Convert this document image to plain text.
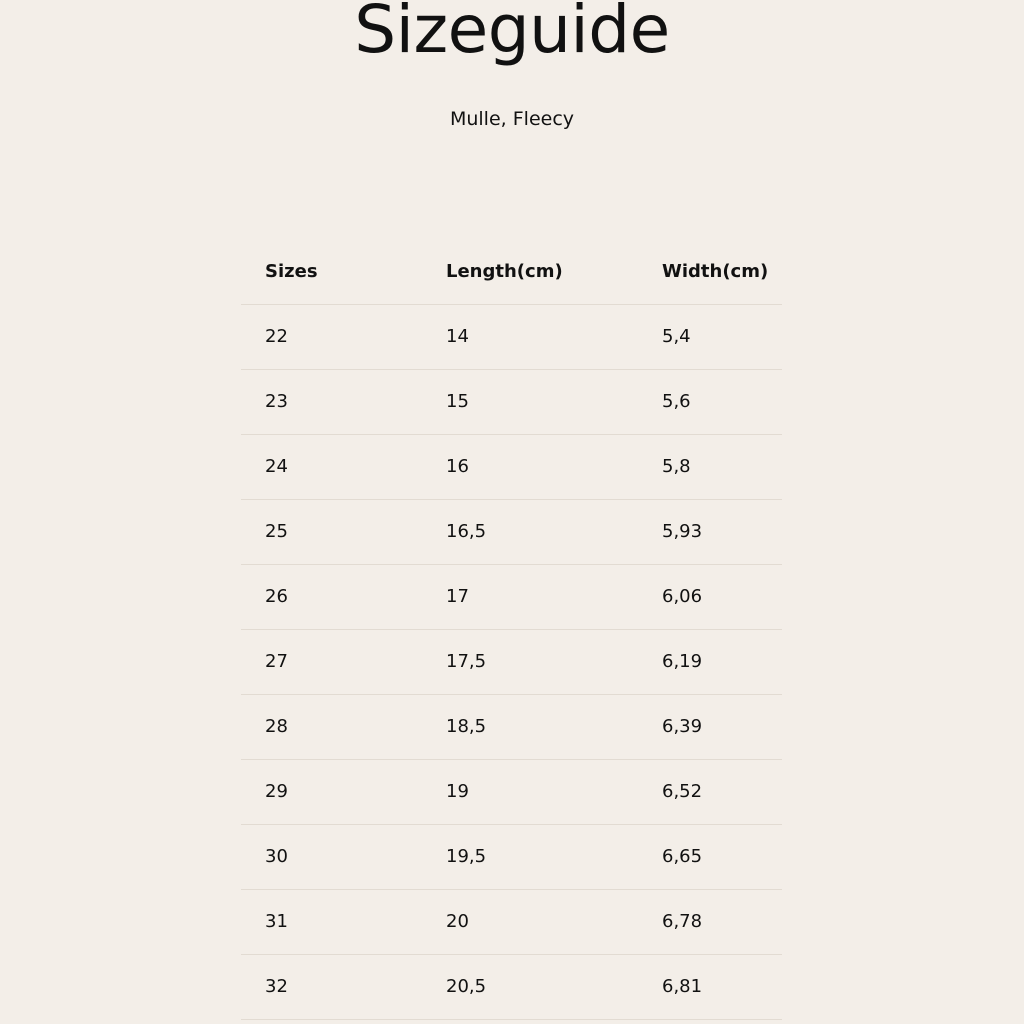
Sizeguide

Mulle, Fleecy

Sizes	Length(cm)	Width(cm)
22	14	5,4
23	15	5,6
24	16	5,8
25	16,5	5,93
26	17	6,06
27	17,5	6,19
28	18,5	6,39
29	19	6,52
30	19,5	6,65
31	20	6,78
32	20,5	6,81
